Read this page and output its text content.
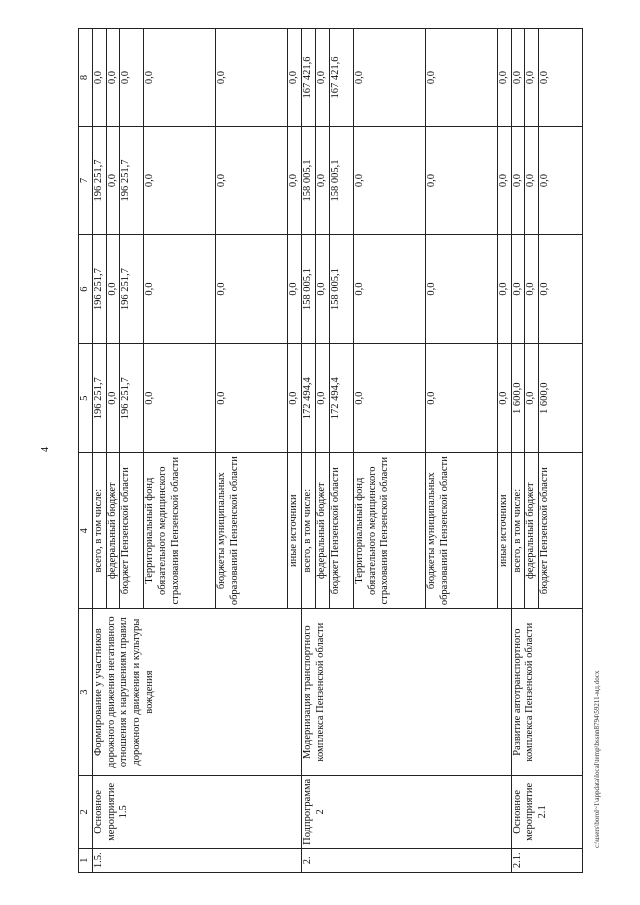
4
1	2	3	4	5	6	7	8
1.5.	Основное мероприятие 1.5	Формирование у участников дорожного движения негативного отношения к нарушениям правил дорожного движения и культуры вождения	всего, в том числе:	196 251,7	196 251,7	196 251,7	0,0
			федеральный бюджет	0,0	0,0	0,0	0,0
			бюджет Пензенской области	196 251,7	196 251,7	196 251,7	0,0
			Территориальный фонд обязательного медицинского страхования Пензенской области	0,0	0,0	0,0	0,0
			бюджеты муниципальных образований Пензенской области	0,0	0,0	0,0	0,0
			иные источники	0,0	0,0	0,0	0,0
2.	Подпрограмма 2	Модернизация транспортного комплекса Пензенской области	всего, в том числе:	172 494,4	158 005,1	158 005,1	167 421,6
			федеральный бюджет	0,0	0,0	0,0	0,0
			бюджет Пензенской области	172 494,4	158 005,1	158 005,1	167 421,6
			Территориальный фонд обязательного медицинского страхования Пензенской области	0,0	0,0	0,0	0,0
			бюджеты муниципальных образований Пензенской области	0,0	0,0	0,0	0,0
			иные источники	0,0	0,0	0,0	0,0
2.1.	Основное мероприятие 2.1	Развитие автотранспортного комплекса Пензенской области	всего, в том числе:	1 600,0	0,0	0,0	0,0
			федеральный бюджет	0,0	0,0	0,0	0,0
			бюджет Пензенской области	1 600,0	0,0	0,0	0,0
c:\users\borol~1\appdata\local\temp\bssnn8794\59211-мд.docx
